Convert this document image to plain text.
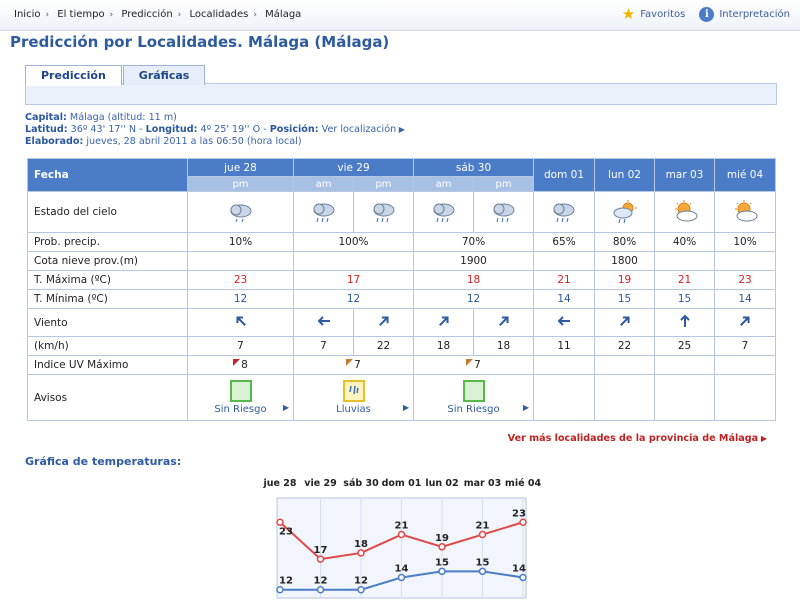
Inicio › El tiempo › Predicción › Localidades › Málaga	★ Favoritos	i	Interpretación
Predicción por Localidades. Málaga (Málaga)
Predicción	Gráficas
Capital: Málaga (altitud: 11 m)
Latitud: 36º 43' 17'' N - Longitud: 4º 25' 19'' O - Posición: Ver localización ▶
Elaborado: jueves, 28 abril 2011 a las 06:50 (hora local)
Fecha	jue 28	vie 29		sáb 30		dom 01	lun 02	mar 03	mié 04
	pm	am	pm	am	pm				
Estado del cielo	

Prob. precip.	10%	100%		70%		65%	80%	40%	10%
Cota nieve prov.(m)				1900			1800		
T. Máxima (ºC)	23	17		18		21	19	21	23
T. Mínima (ºC)	12	12		12		14	15	15	14
Viento									
(km/h)	7	7	22	18	18	11	22	25	7
Indice UV Máximo	8	7		7					
Avisos	Sin Riesgo ▶	Lluvias ▶		Sin Riesgo ▶					

Ver más localidades de la provincia de Málaga ▶
Gráfica de temperaturas:
jue 28 vie 29 sáb 30 dom 01 lun 02 mar 03 mié 04
23
17
18
21
19
21
23
12 12	12
14
15	15
14
